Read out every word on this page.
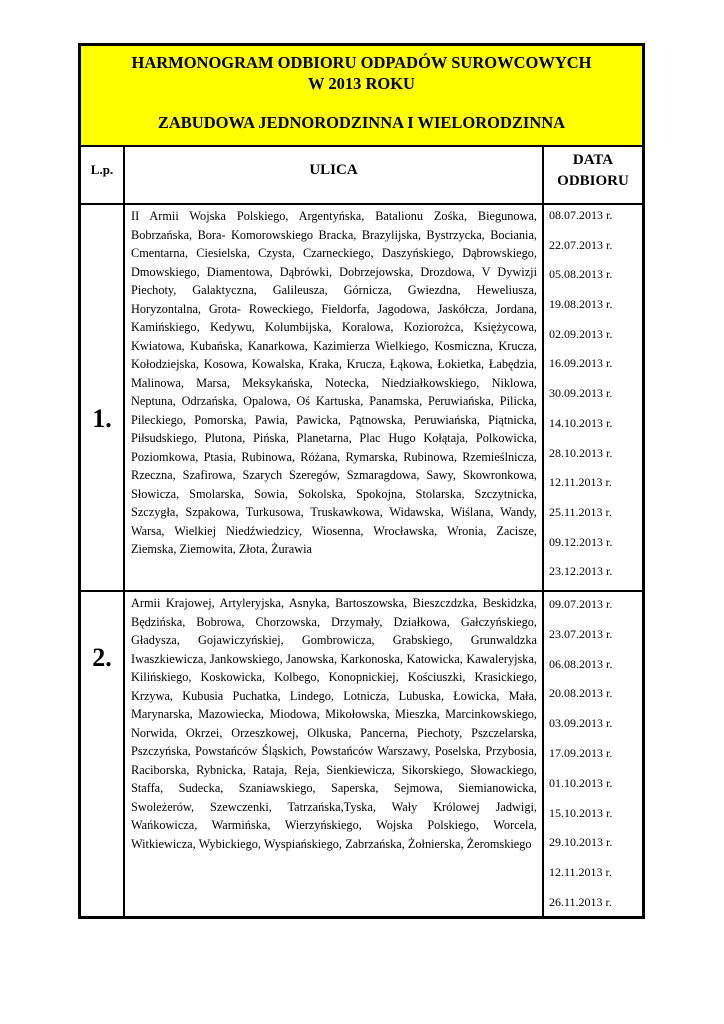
HARMONOGRAM ODBIORU ODPADÓW SUROWCOWYCH
W 2013 ROKU
ZABUDOWA JEDNORODZINNA I WIELORODZINNA
L.p.	ULICA
DATA
ODBIORU
1.
II Armii Wojska Polskiego, Argentyńska, Batalionu Zośka, Biegunowa, Bobrzańska, Bora- Komorowskiego Bracka, Brazylijska, Bystrzycka, Bociania, Cmentarna, Ciesielska, Czysta, Czarneckiego, Daszyńskiego, Dąbrowskiego, Dmowskiego, Diamentowa, Dąbrówki, Dobrzejowska, Drozdowa, V Dywizji Piechoty, Galaktyczna, Galileusza, Górnicza, Gwiezdna, Heweliusza, Horyzontalna, Grota- Roweckiego, Fieldorfa, Jagodowa, Jaskółcza, Jordana, Kamińskiego, Kedywu, Kolumbijska, Koralowa, Koziorożca, Księżycowa, Kwiatowa, Kubańska, Kanarkowa, Kazimierza Wielkiego, Kosmiczna, Krucza, Kołodziejska, Kosowa, Kowalska, Kraka, Krucza, Łąkowa, Łokietka, Łabędzia, Malinowa, Marsa, Meksykańska, Notecka, Niedziałkowskiego, Niklowa, Neptuna, Odrzańska, Opalowa, Oś Kartuska, Panamska, Peruwiańska, Pilicka, Pileckiego, Pomorska, Pawia, Pawicka, Pątnowska, Peruwiańska, Piątnicka, Piłsudskiego, Plutona, Pińska, Planetarna, Plac Hugo Kołątaja, Polkowicka, Poziomkowa, Ptasia, Rubinowa, Różana, Rymarska, Rubinowa, Rzemieślnicza, Rzeczna, Szafirowa, Szarych Szeregów, Szmaragdowa, Sawy, Skowronkowa, Słowicza, Smolarska, Sowia, Sokolska, Spokojna, Stolarska, Szczytnicka, Szczygła, Szpakowa, Turkusowa, Truskawkowa, Widawska, Wiślana, Wandy, Warsa, Wielkiej Niedźwiedzicy, Wiosenna, Wrocławska, Wronia, Zacisze, Ziemska, Ziemowita, Złota, Żurawia
08.07.2013 r.
22.07.2013 r.
05.08.2013 r.
19.08.2013 r.
02.09.2013 r.
16.09.2013 r.
30.09.2013 r.
14.10.2013 r.
28.10.2013 r.
12.11.2013 r.
25.11.2013 r.
09.12.2013 r.
23.12.2013 r.
2.
Armii Krajowej, Artyleryjska, Asnyka, Bartoszowska, Bieszczdzka, Beskidzka, Będzińska, Bobrowa, Chorzowska, Drzymały, Działkowa, Gałczyńskiego, Gładysza, Gojawiczyńskiej, Gombrowicza, Grabskiego, Grunwaldzka Iwaszkiewicza, Jankowskiego, Janowska, Karkonoska, Katowicka, Kawaleryjska, Kilińskiego, Koskowicka, Kolbego, Konopnickiej, Kościuszki, Krasickiego, Krzywa, Kubusia Puchatka, Lindego, Lotnicza, Lubuska, Łowicka, Mała, Marynarska, Mazowiecka, Miodowa, Mikołowska, Mieszka, Marcinkowskiego, Norwida, Okrzei, Orzeszkowej, Olkuska, Pancerna, Piechoty, Pszczelarska, Pszczyńska, Powstańców Śląskich, Powstańców Warszawy, Poselska, Przybosia, Raciborska, Rybnicka, Rataja, Reja, Sienkiewicza, Sikorskiego, Słowackiego, Staffa, Sudecka, Szaniawskiego, Saperska, Sejmowa, Siemianowicka, Swoleżerów, Szewczenki, Tatrzańska,Tyska, Wały Królowej Jadwigi, Wańkowicza, Warmińska, Wierzyńskiego, Wojska Polskiego, Worcela, Witkiewicza, Wybickiego, Wyspiańskiego, Zabrzańska, Żołnierska, Żeromskiego
09.07.2013 r.
23.07.2013 r.
06.08.2013 r.
20.08.2013 r.
03.09.2013 r.
17.09.2013 r.
01.10.2013 r.
15.10.2013 r.
29.10.2013 r.
12.11.2013 r.
26.11.2013 r.
